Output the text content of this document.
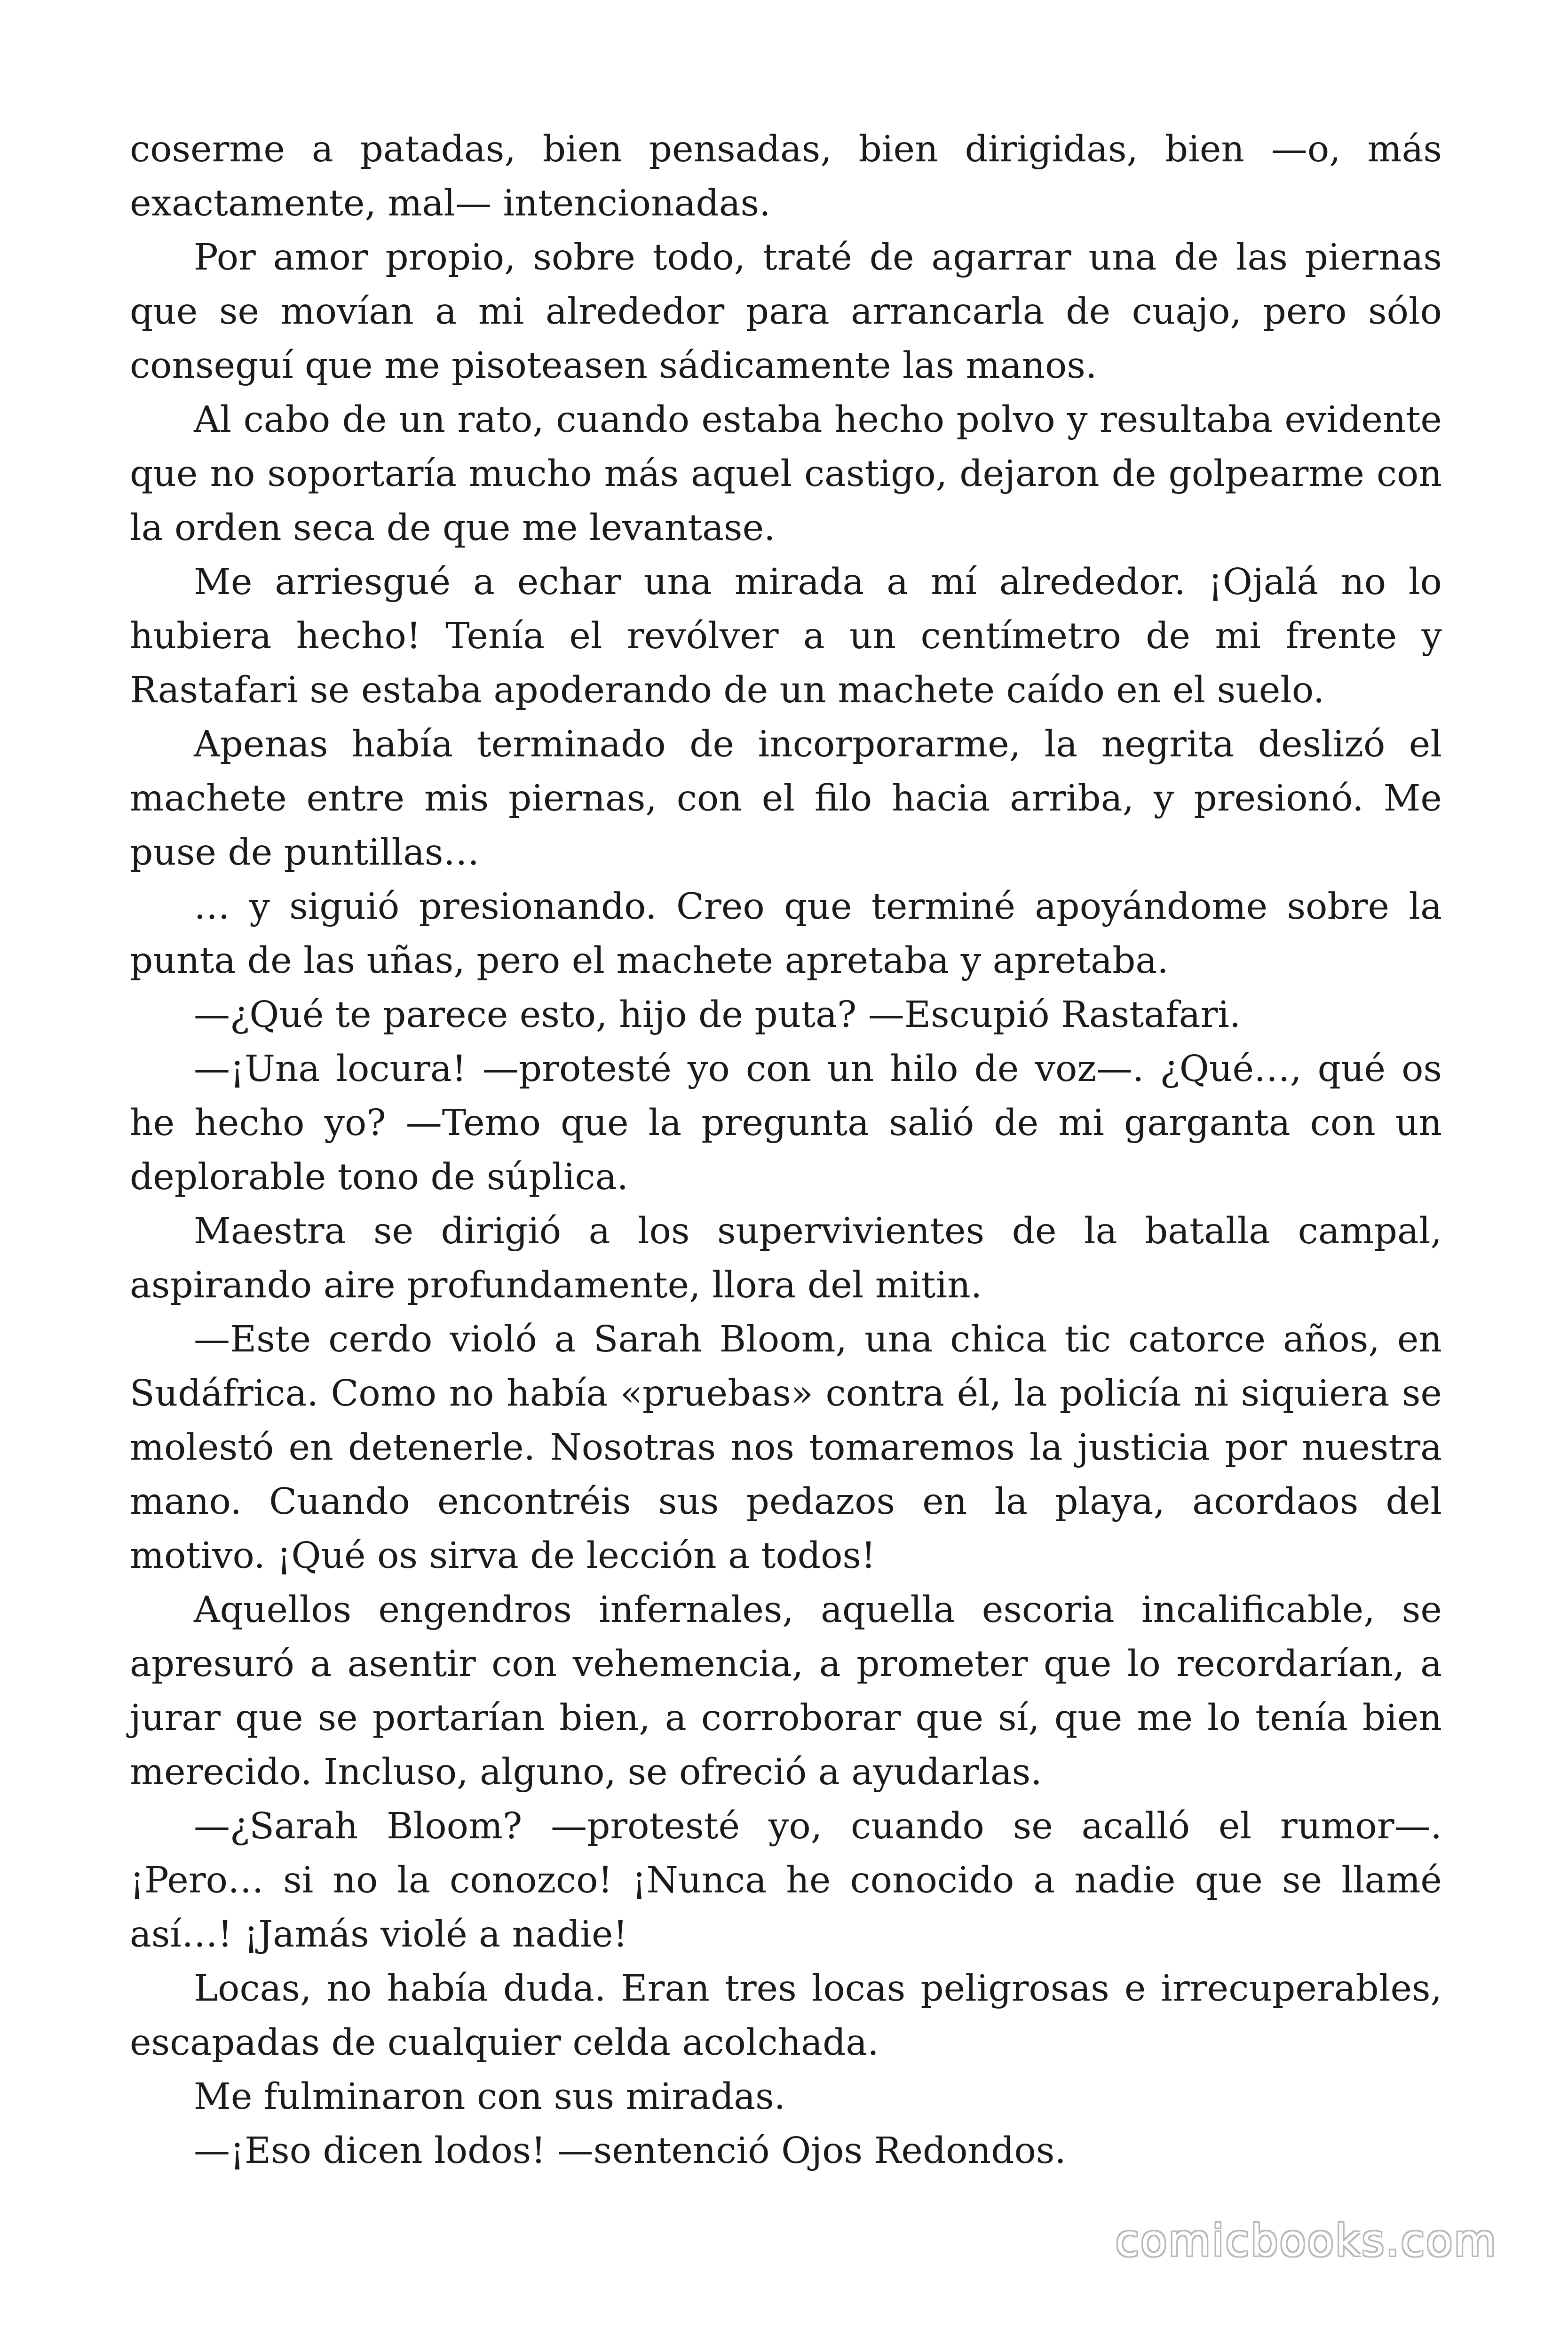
coserme a patadas, bien pensadas, bien dirigidas, bien —o, más exactamente, mal— intencionadas.

Por amor propio, sobre todo, traté de agarrar una de las piernas que se movían a mi alrededor para arrancarla de cuajo, pero sólo conseguí que me pisoteasen sádicamente las manos.

Al cabo de un rato, cuando estaba hecho polvo y resultaba evidente que no soportaría mucho más aquel castigo, dejaron de golpearme con la orden seca de que me levantase.

Me arriesgué a echar una mirada a mí alrededor. ¡Ojalá no lo hubiera hecho! Tenía el revólver a un centímetro de mi frente y Rastafari se estaba apoderando de un machete caído en el suelo.

Apenas había terminado de incorporarme, la negrita deslizó el machete entre mis piernas, con el filo hacia arriba, y presionó. Me puse de puntillas…

… y siguió presionando. Creo que terminé apoyándome sobre la punta de las uñas, pero el machete apretaba y apretaba.

—¿Qué te parece esto, hijo de puta? —Escupió Rastafari.

—¡Una locura! —protesté yo con un hilo de voz—. ¿Qué…, qué os he hecho yo? —Temo que la pregunta salió de mi garganta con un deplorable tono de súplica.

Maestra se dirigió a los supervivientes de la batalla campal, aspirando aire profundamente, llora del mitin.

—Este cerdo violó a Sarah Bloom, una chica tic catorce años, en Sudáfrica. Como no había «pruebas» contra él, la policía ni siquiera se molestó en detenerle. Nosotras nos tomaremos la justicia por nuestra mano. Cuando encontréis sus pedazos en la playa, acordaos del motivo. ¡Qué os sirva de lección a todos!

Aquellos engendros infernales, aquella escoria incalificable, se apresuró a asentir con vehemencia, a prometer que lo recordarían, a jurar que se portarían bien, a corroborar que sí, que me lo tenía bien merecido. Incluso, alguno, se ofreció a ayudarlas.

—¿Sarah Bloom? —protesté yo, cuando se acalló el rumor—. ¡Pero… si no la conozco! ¡Nunca he conocido a nadie que se llamé así…! ¡Jamás violé a nadie!

Locas, no había duda. Eran tres locas peligrosas e irrecuperables, escapadas de cualquier celda acolchada.

Me fulminaron con sus miradas.

—¡Eso dicen lodos! —sentenció Ojos Redondos.

comicbooks.com
